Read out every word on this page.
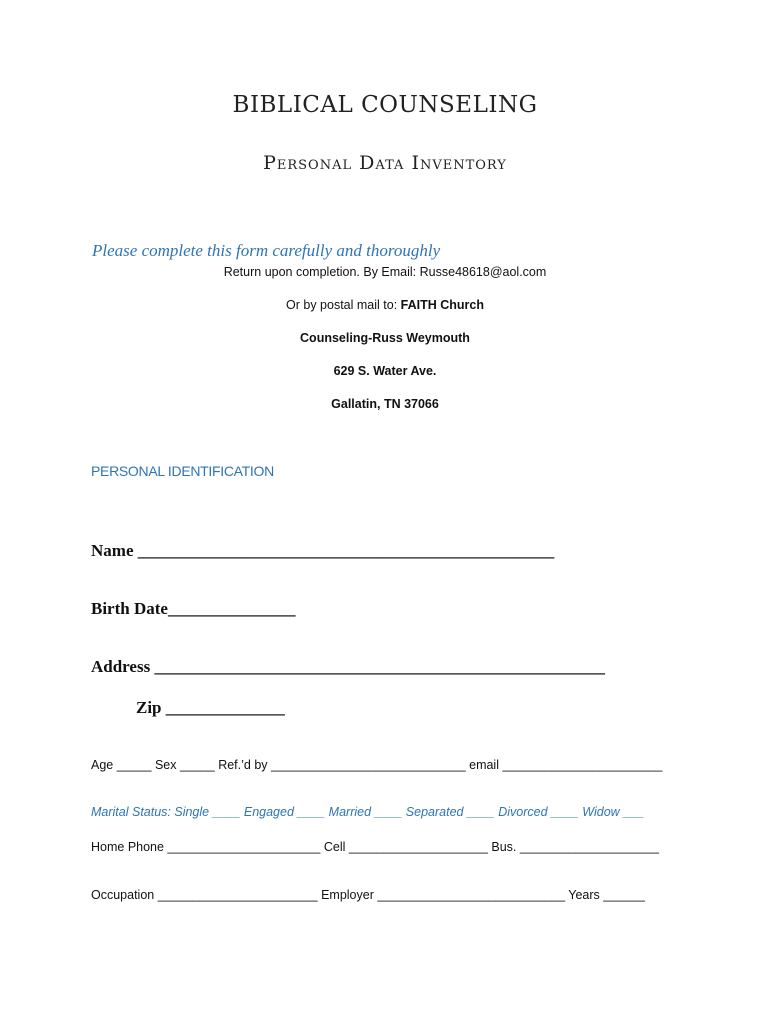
BIBLICAL COUNSELING
Personal Data Inventory
Please complete this form carefully and thoroughly
Return upon completion. By Email: Russe48618@aol.com
Or by postal mail to: FAITH Church
Counseling-Russ Weymouth
629 S. Water Ave.
Gallatin, TN 37066
PERSONAL IDENTIFICATION
Name _________________________________________________
Birth Date_______________
Address _____________________________________________________
Zip ______________
Age _____ Sex _____ Ref.’d by ____________________________ email _______________________
Marital Status: Single ____ Engaged ____ Married ____ Separated ____ Divorced ____ Widow ___
Home Phone ______________________ Cell ____________________ Bus. ____________________
Occupation _______________________ Employer ___________________________ Years ______
